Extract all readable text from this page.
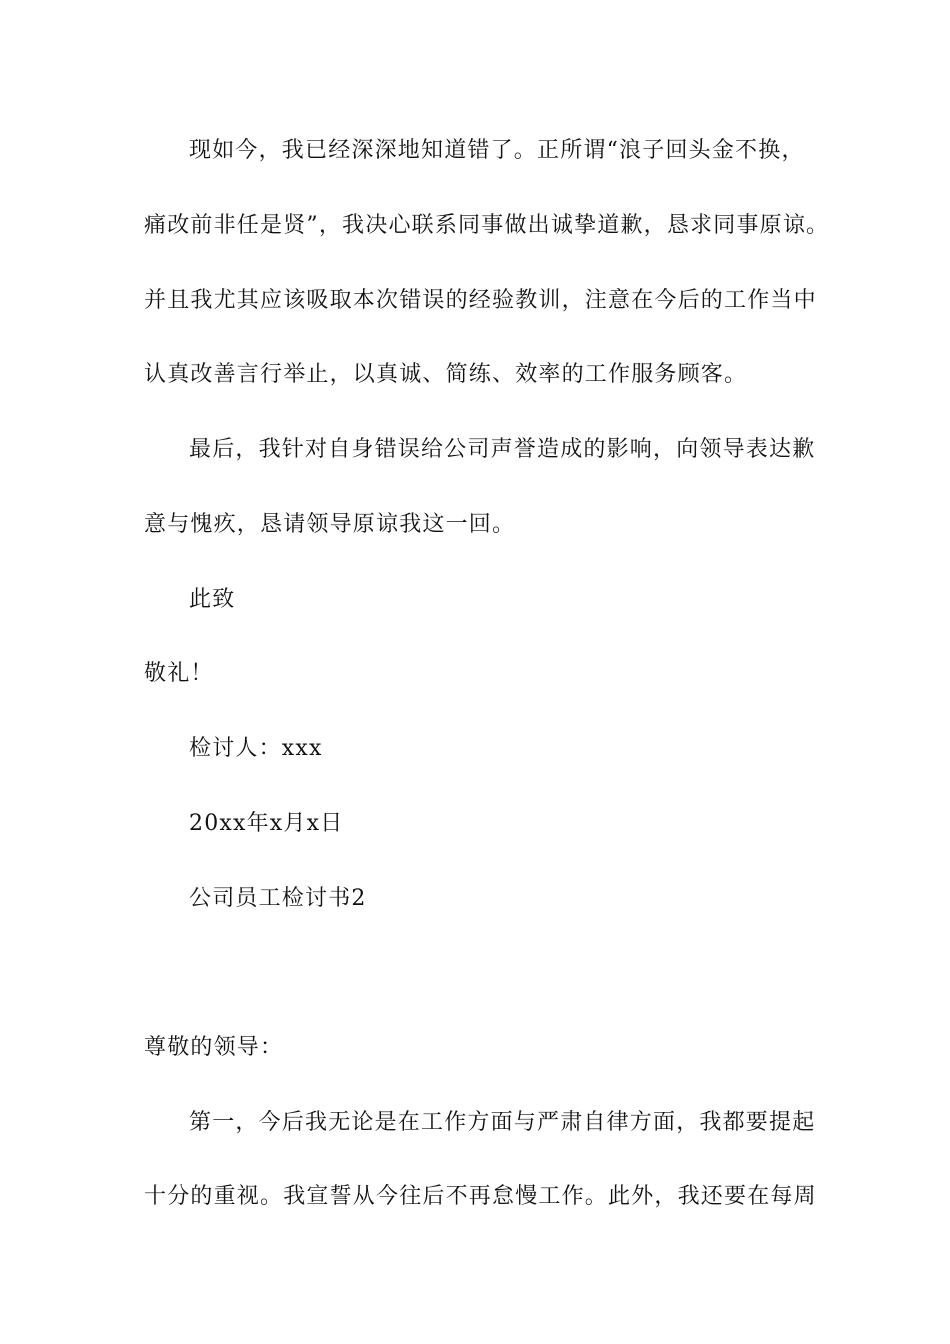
现如今，我已经深深地知道错了。正所谓“浪子回头金不换，
痛改前非任是贤”，我决心联系同事做出诚挚道歉，恳求同事原谅。
并且我尤其应该吸取本次错误的经验教训，注意在今后的工作当中
认真改善言行举止，以真诚、简练、效率的工作服务顾客。
最后，我针对自身错误给公司声誉造成的影响，向领导表达歉
意与愧疚，恳请领导原谅我这一回。
此致
敬礼！
检讨人：xxx
20xx年x月x日
公司员工检讨书2
尊敬的领导：
第一，今后我无论是在工作方面与严肃自律方面，我都要提起
十分的重视。我宣誓从今往后不再怠慢工作。此外，我还要在每周
